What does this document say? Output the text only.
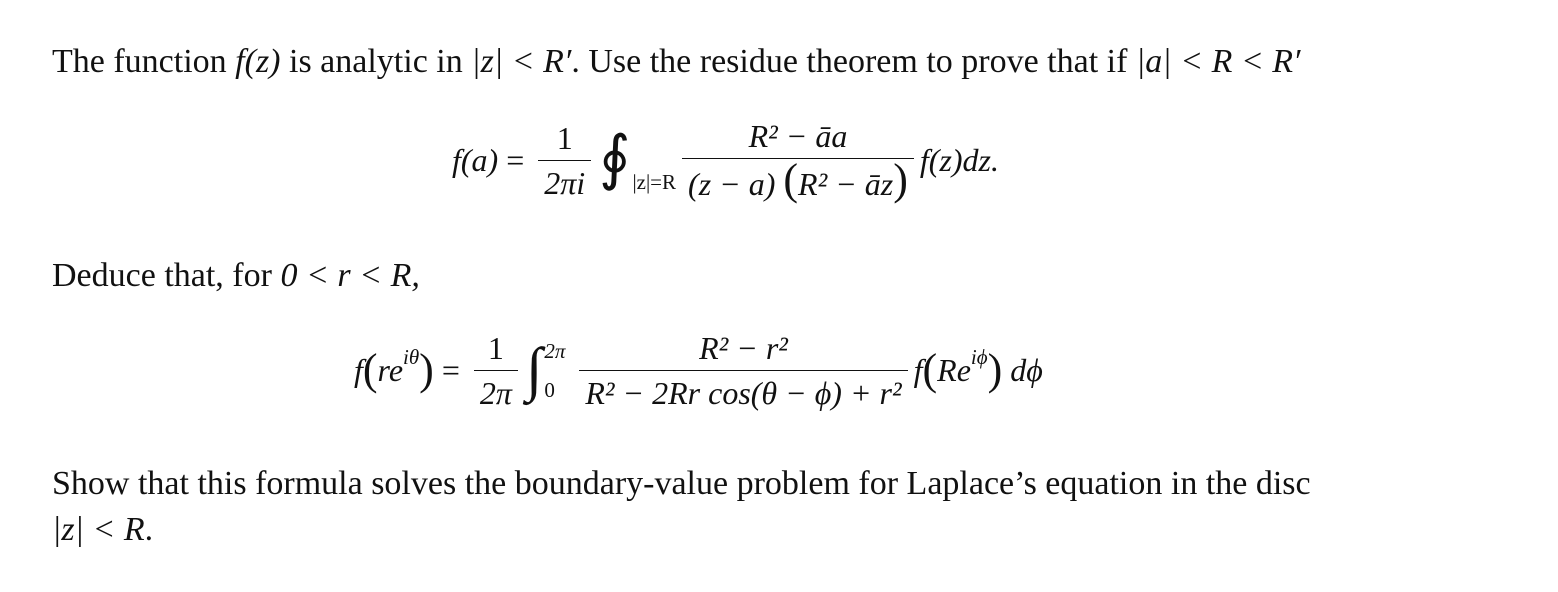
The function f(z) is analytic in |z| < R′. Use the residue theorem to prove that if |a| < R < R′
$f(a) = \frac{1}{2\pi i}$ ∮ $|z|=R \frac{\text{R² − āa}}{\text{(z − a) (R² − āz)}} f(z)dz$.
Deduce that, for 0 < r < R,
f ( re iθ ) = $\frac{1}{2\pi}$ ∫ 2π
$0 \frac{\text{R² − r²}}{\text{R² − 2Rr cos(θ − ϕ) + r²}}$ f ( Re iϕ ) dϕ
Show that this formula solves the boundary-value problem for Laplace’s equation in the disc
|z| < R.
